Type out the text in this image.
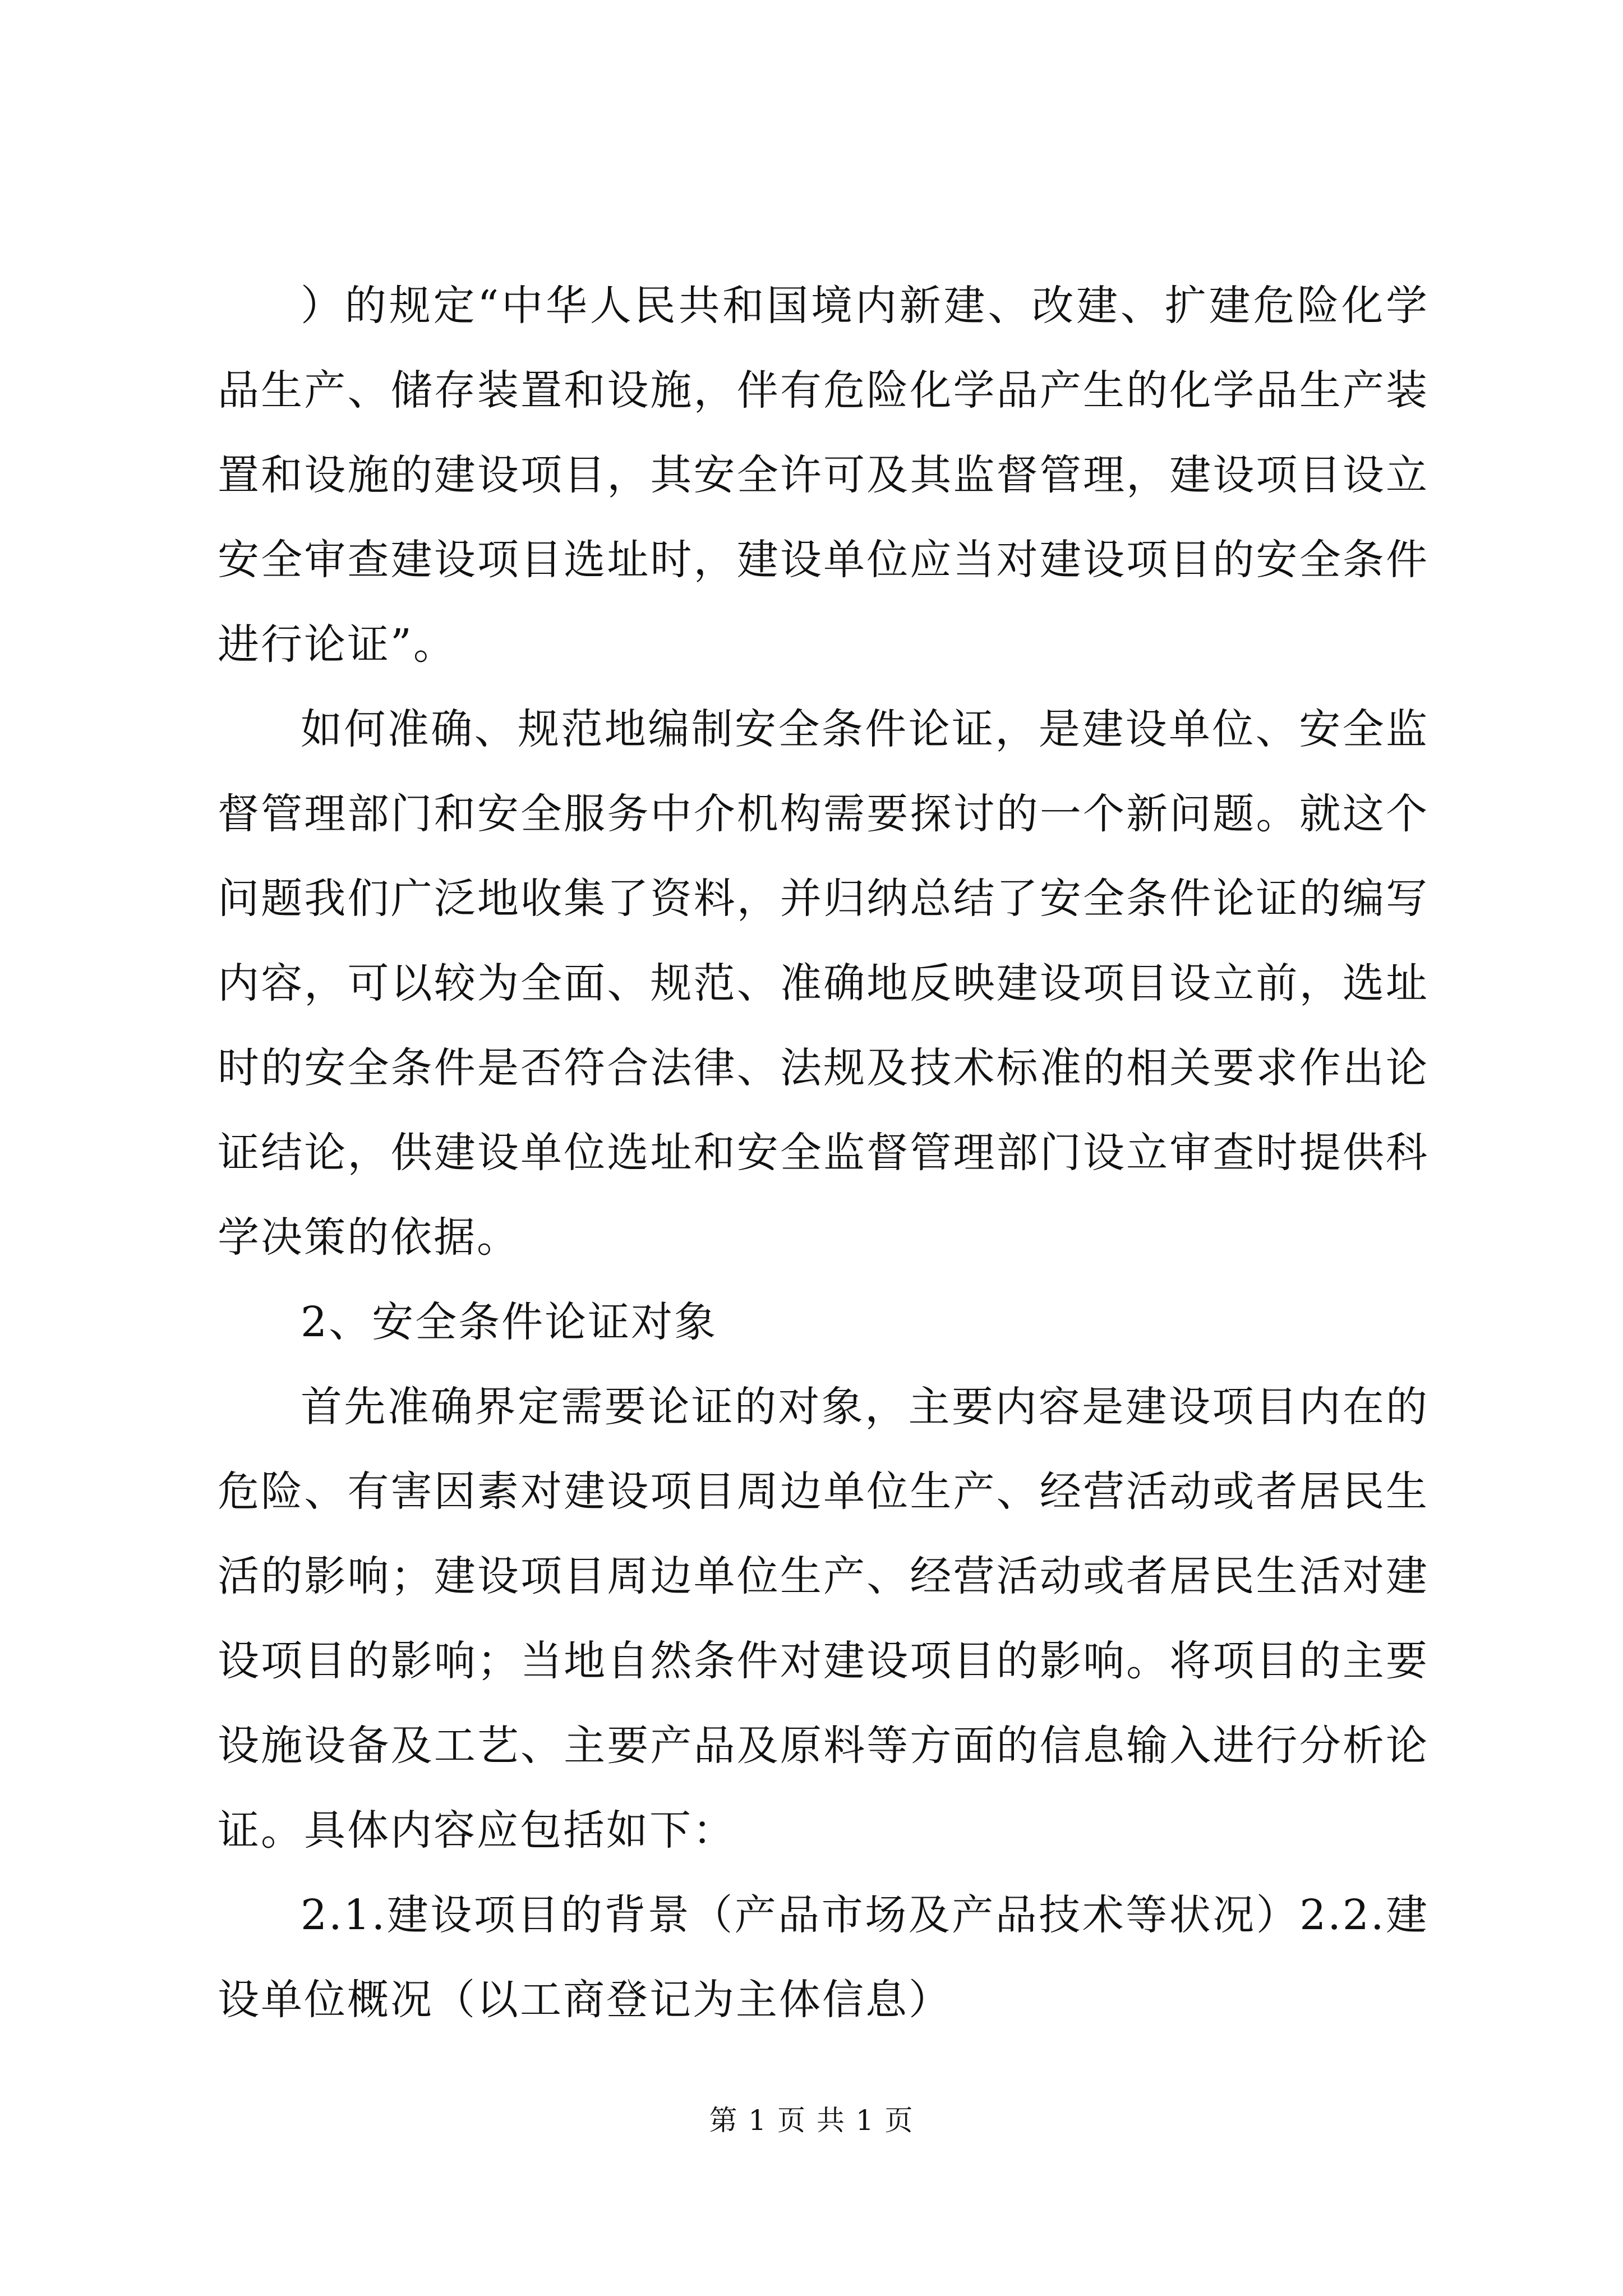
）的规定“中华人民共和国境内新建、改建、扩建危险化学品生产、储存装置和设施，伴有危险化学品产生的化学品生产装置和设施的建设项目，其安全许可及其监督管理，建设项目设立安全审查建设项目选址时，建设单位应当对建设项目的安全条件进行论证”。

如何准确、规范地编制安全条件论证，是建设单位、安全监督管理部门和安全服务中介机构需要探讨的一个新问题。就这个问题我们广泛地收集了资料，并归纳总结了安全条件论证的编写内容，可以较为全面、规范、准确地反映建设项目设立前，选址时的安全条件是否符合法律、法规及技术标准的相关要求作出论证结论，供建设单位选址和安全监督管理部门设立审查时提供科学决策的依据。

2、安全条件论证对象

首先准确界定需要论证的对象，主要内容是建设项目内在的危险、有害因素对建设项目周边单位生产、经营活动或者居民生活的影响；建设项目周边单位生产、经营活动或者居民生活对建设项目的影响；当地自然条件对建设项目的影响。将项目的主要设施设备及工艺、主要产品及原料等方面的信息输入进行分析论证。具体内容应包括如下：

2.1.建设项目的背景（产品市场及产品技术等状况）2.2.建设单位概况（以工商登记为主体信息）

第 1 页 共 1 页
